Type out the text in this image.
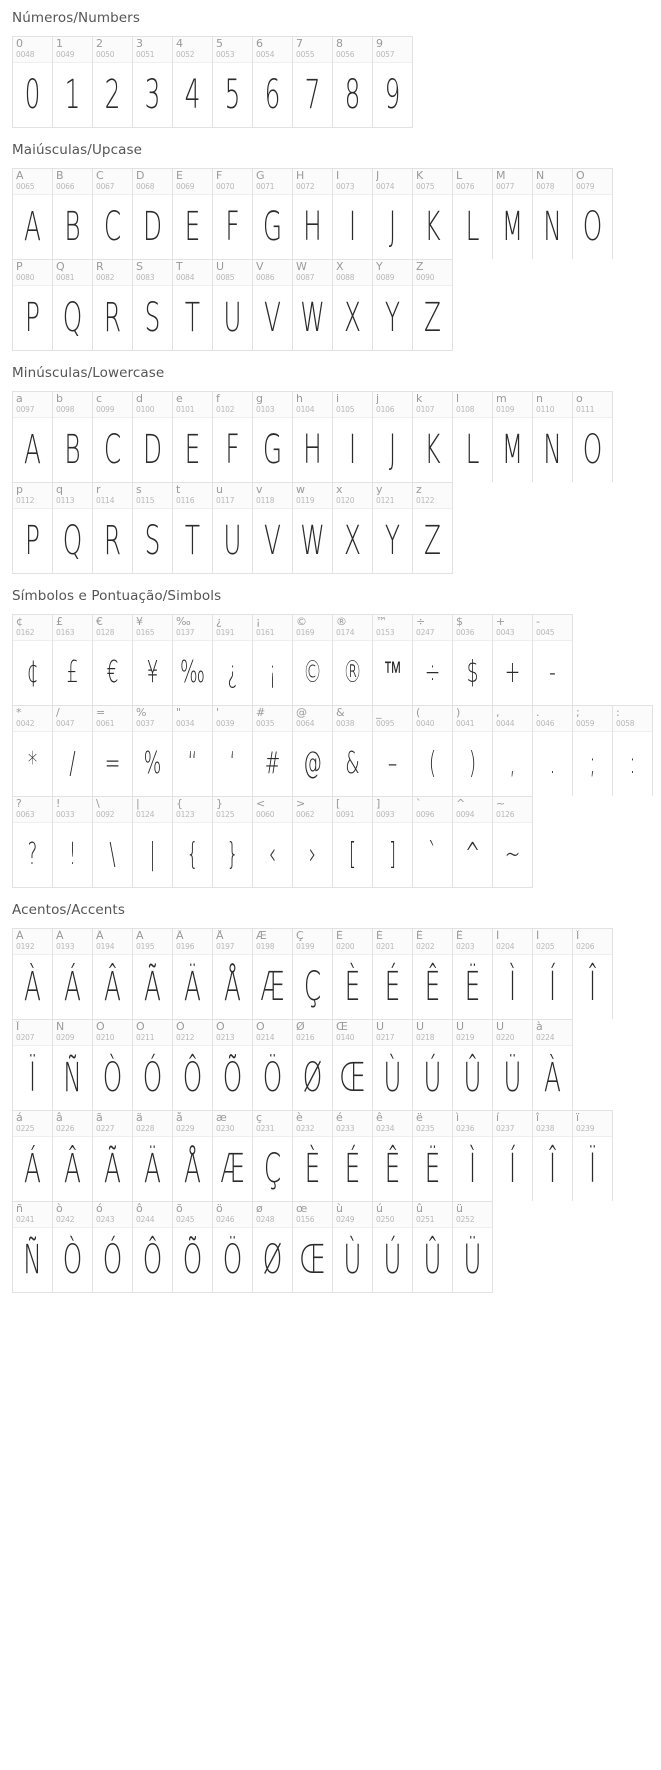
Números/Numbers
0
0048
0
1
0049
1
2
0050
2
3
0051
3
4
0052
4
5
0053
5
6
0054
6
7
0055
7
8
0056
8
9
0057
9
Maiúsculas/Upcase
A
0065
A
B
0066
B
C
0067
C
D
0068
D
E
0069
E
F
0070
F
G
0071
G
H
0072
H
I
0073
I
J
0074
J
K
0075
K
L
0076
L
M
0077
M
N
0078
N
O
0079
O
P
0080
P
Q
0081
Q
R
0082
R
S
0083
S
T
0084
T
U
0085
U
V
0086
V
W
0087
W
X
0088
X
Y
0089
Y
Z
0090
Z
Minúsculas/Lowercase
a
0097
A
b
0098
B
c
0099
C
d
0100
D
e
0101
E
f
0102
F
g
0103
G
h
0104
H
i
0105
I
j
0106
J
k
0107
K
l
0108
L
m
0109
M
n
0110
N
o
0111
O
p
0112
P
q
0113
Q
r
0114
R
s
0115
S
t
0116
T
u
0117
U
v
0118
V
w
0119
W
x
0120
X
y
0121
Y
z
0122
Z
Símbolos e Pontuação/Simbols
¢
0162
¢
£
0163
£
€
0128
€
¥
0165
¥
‰
0137
‰
¿
0191
¿
¡
0161
¡
©
0169
©
®
0174
®
™
0153
™
÷
0247
÷
$
0036
$
+
0043
+
-
0045
-
*
0042
*
/
0047
/
=
0061
=
%
0037
%
"
0034
“
'
0039
‘
#
0035
#
@
0064
@
&
0038
&
_
0095
–
(
0040
(
)
0041
)
,
0044
,
.
0046
.
;
0059
;
:
0058
:
?
0063
?
!
0033
!
\
0092
\
|
0124
|
{
0123
{
}
0125
}
<
0060
‹
>
0062
›
[
0091
[
]
0093
]
`
0096
ˋ
^
0094
^
~
0126
~
Acentos/Accents
À
0192
À
Á
0193
Á
Â
0194
Â
Ã
0195
Ã
Ä
0196
Ä
Å
0197
Å
Æ
0198
Æ
Ç
0199
Ç
È
0200
È
É
0201
É
Ê
0202
Ê
Ë
0203
Ë
Ì
0204
Ì
Í
0205
Í
Î
0206
Î
Ï
0207
Ï
Ñ
0209
Ñ
Ò
0210
Ò
Ó
0211
Ó
Ô
0212
Ô
Õ
0213
Õ
Ö
0214
Ö
Ø
0216
Ø
Œ
0140
Œ
Ù
0217
Ù
Ú
0218
Ú
Û
0219
Û
Ü
0220
Ü
à
0224
À
á
0225
Á
â
0226
Â
ã
0227
Ã
ä
0228
Ä
å
0229
Å
æ
0230
Æ
ç
0231
Ç
è
0232
È
é
0233
É
ê
0234
Ê
ë
0235
Ë
ì
0236
Ì
í
0237
Í
î
0238
Î
ï
0239
Ï
ñ
0241
Ñ
ò
0242
Ò
ó
0243
Ó
ô
0244
Ô
õ
0245
Õ
ö
0246
Ö
ø
0248
Ø
œ
0156
Œ
ù
0249
Ù
ú
0250
Ú
û
0251
Û
ü
0252
Ü
